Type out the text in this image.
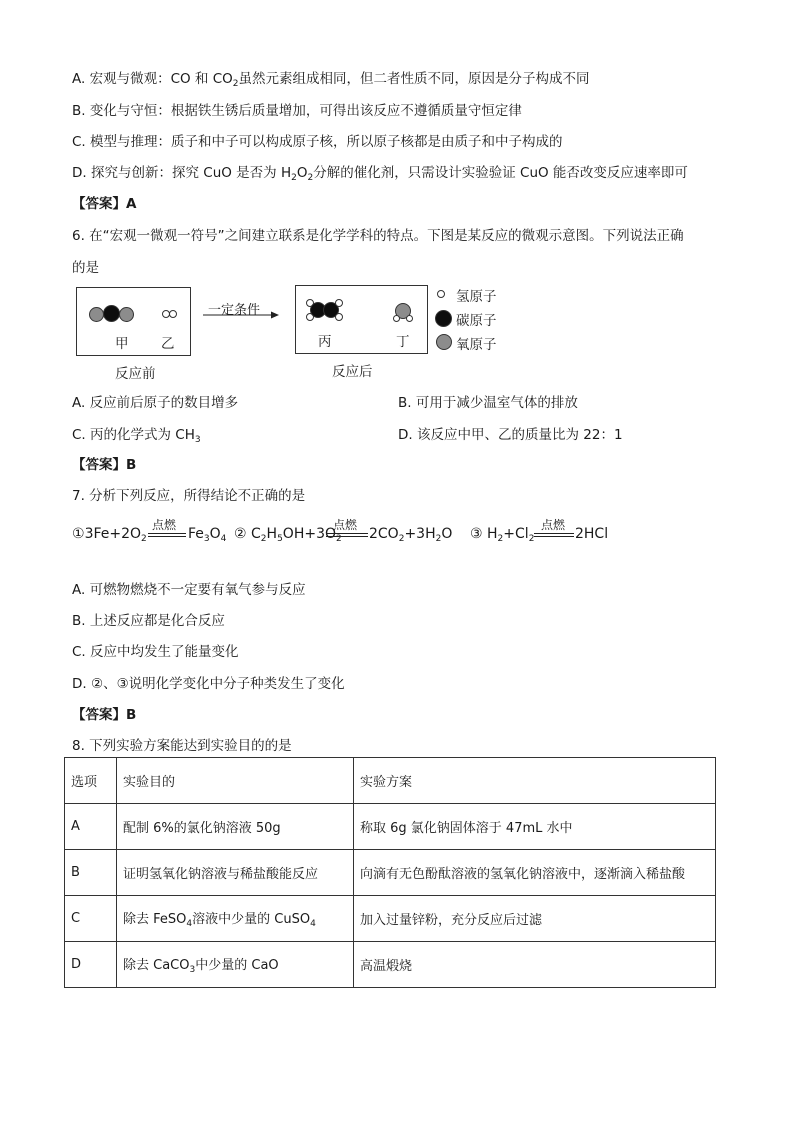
A. 宏观与微观：CO 和 $CO_2$虽然元素组成相同，但二者性质不同，原因是分子构成不同
B. 变化与守恒：根据铁生锈后质量增加，可得出该反应不遵循质量守恒定律
C. 模型与推理：质子和中子可以构成原子核，所以原子核都是由质子和中子构成的
D. 探究与创新：探究 CuO 是否为 $H_2O_2$分解的催化剂，只需设计实验验证 CuO 能否改变反应速率即可
【答案】A
6. 在“宏观一微观一符号”之间建立联系是化学学科的特点。下图是某反应的微观示意图。下列说法正确
的是
甲 乙
一定条件
丙	丁
反应前	反应后
氢原子
碳原子
氧原子
A. 反应前后原子的数目增多	B. 可用于减少温室气体的排放
C. 丙的化学式为 $CH_3$	D. 该反应中甲、乙的质量比为 22：1
【答案】B
7. 分析下列反应，所得结论不正确的是
$①3Fe+2O_2$
点燃
$Fe_3O_4$ ② $C_2H_5OH+3O_2$
点燃
$2CO_2+3H_2O$ ③ $H_2+Cl_2$
点燃
2HCl
A. 可燃物燃烧不一定要有氧气参与反应
B. 上述反应都是化合反应
C. 反应中均发生了能量变化
D. ②、③说明化学变化中分子种类发生了变化
【答案】B
8. 下列实验方案能达到实验目的的是
选项	实验目的	实验方案
A	配制 6%的氯化钠溶液 50g	称取 6g 氯化钠固体溶于 47mL 水中
B	证明氢氧化钠溶液与稀盐酸能反应	向滴有无色酚酞溶液的氢氧化钠溶液中，逐渐滴入稀盐酸
C	除去 FeSO$_4$溶液中少量的 CuSO$_4$	加入过量锌粉，充分反应后过滤
D	除去 CaCO$_3$中少量的 CaO	高温煅烧
